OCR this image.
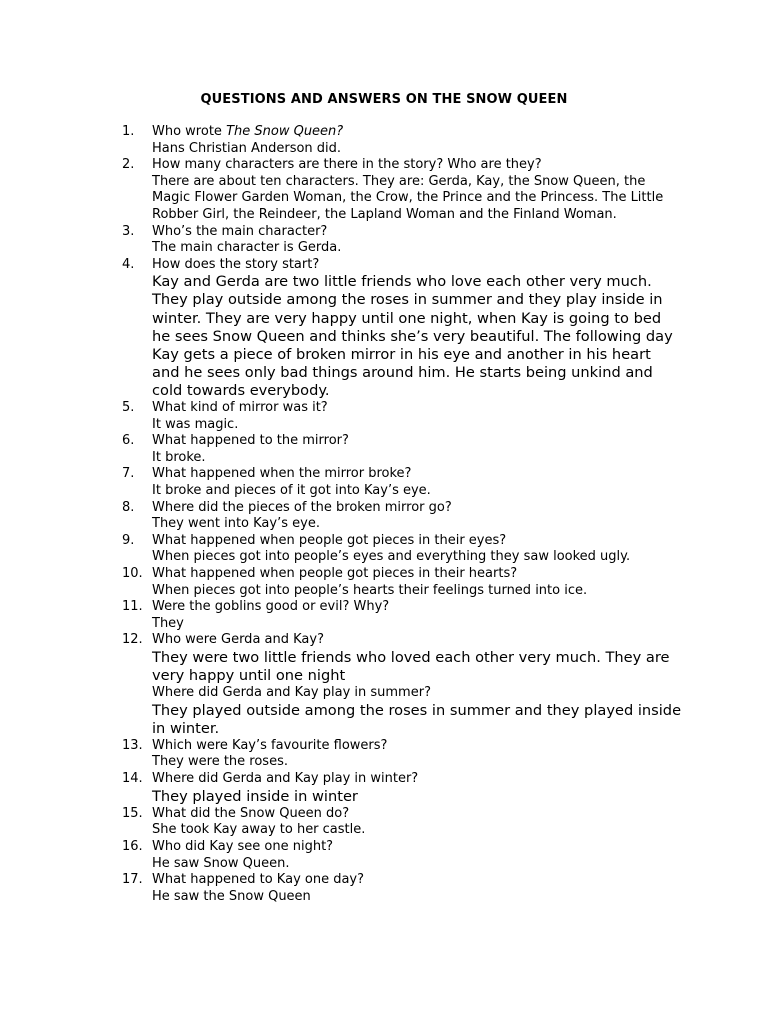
QUESTIONS AND ANSWERS ON THE SNOW QUEEN
1.	Who wrote The Snow Queen?
Hans Christian Anderson did.
2.	How many characters are there in the story? Who are they?
There are about ten characters. They are: Gerda, Kay, the Snow Queen, the Magic Flower Garden Woman, the Crow, the Prince and the Princess. The Little Robber Girl, the Reindeer, the Lapland Woman and the Finland Woman.
3.	Who’s the main character?
The main character is Gerda.
4.	How does the story start?
Kay and Gerda are two little friends who love each other very much. They play outside among the roses in summer and they play inside in winter. They are very happy until one night, when Kay is going to bed he sees Snow Queen and thinks she’s very beautiful. The following day Kay gets a piece of broken mirror in his eye and another in his heart and he sees only bad things around him. He starts being unkind and cold towards everybody.
5.	What kind of mirror was it?
It was magic.
6.	What happened to the mirror?
It broke.
7.	What happened when the mirror broke?
It broke and pieces of it got into Kay’s eye.
8.	Where did the pieces of the broken mirror go?
They went into Kay’s eye.
9.	What happened when people got pieces in their eyes?
When pieces got into people’s eyes and everything they saw looked ugly.
10. What happened when people got pieces in their hearts?
When pieces got into people’s hearts their feelings turned into ice.
11. Were the goblins good or evil? Why?
They
12. Who were Gerda and Kay?
They were two little friends who loved each other very much. They are very happy until one night
Where did Gerda and Kay play in summer?
They played outside among the roses in summer and they played inside in winter.
13. Which were Kay’s favourite flowers?
They were the roses.
14. Where did Gerda and Kay play in winter?
They played inside in winter
15. What did the Snow Queen do?
She took Kay away to her castle.
16. Who did Kay see one night?
He saw Snow Queen.
17. What happened to Kay one day?
He saw the Snow Queen
